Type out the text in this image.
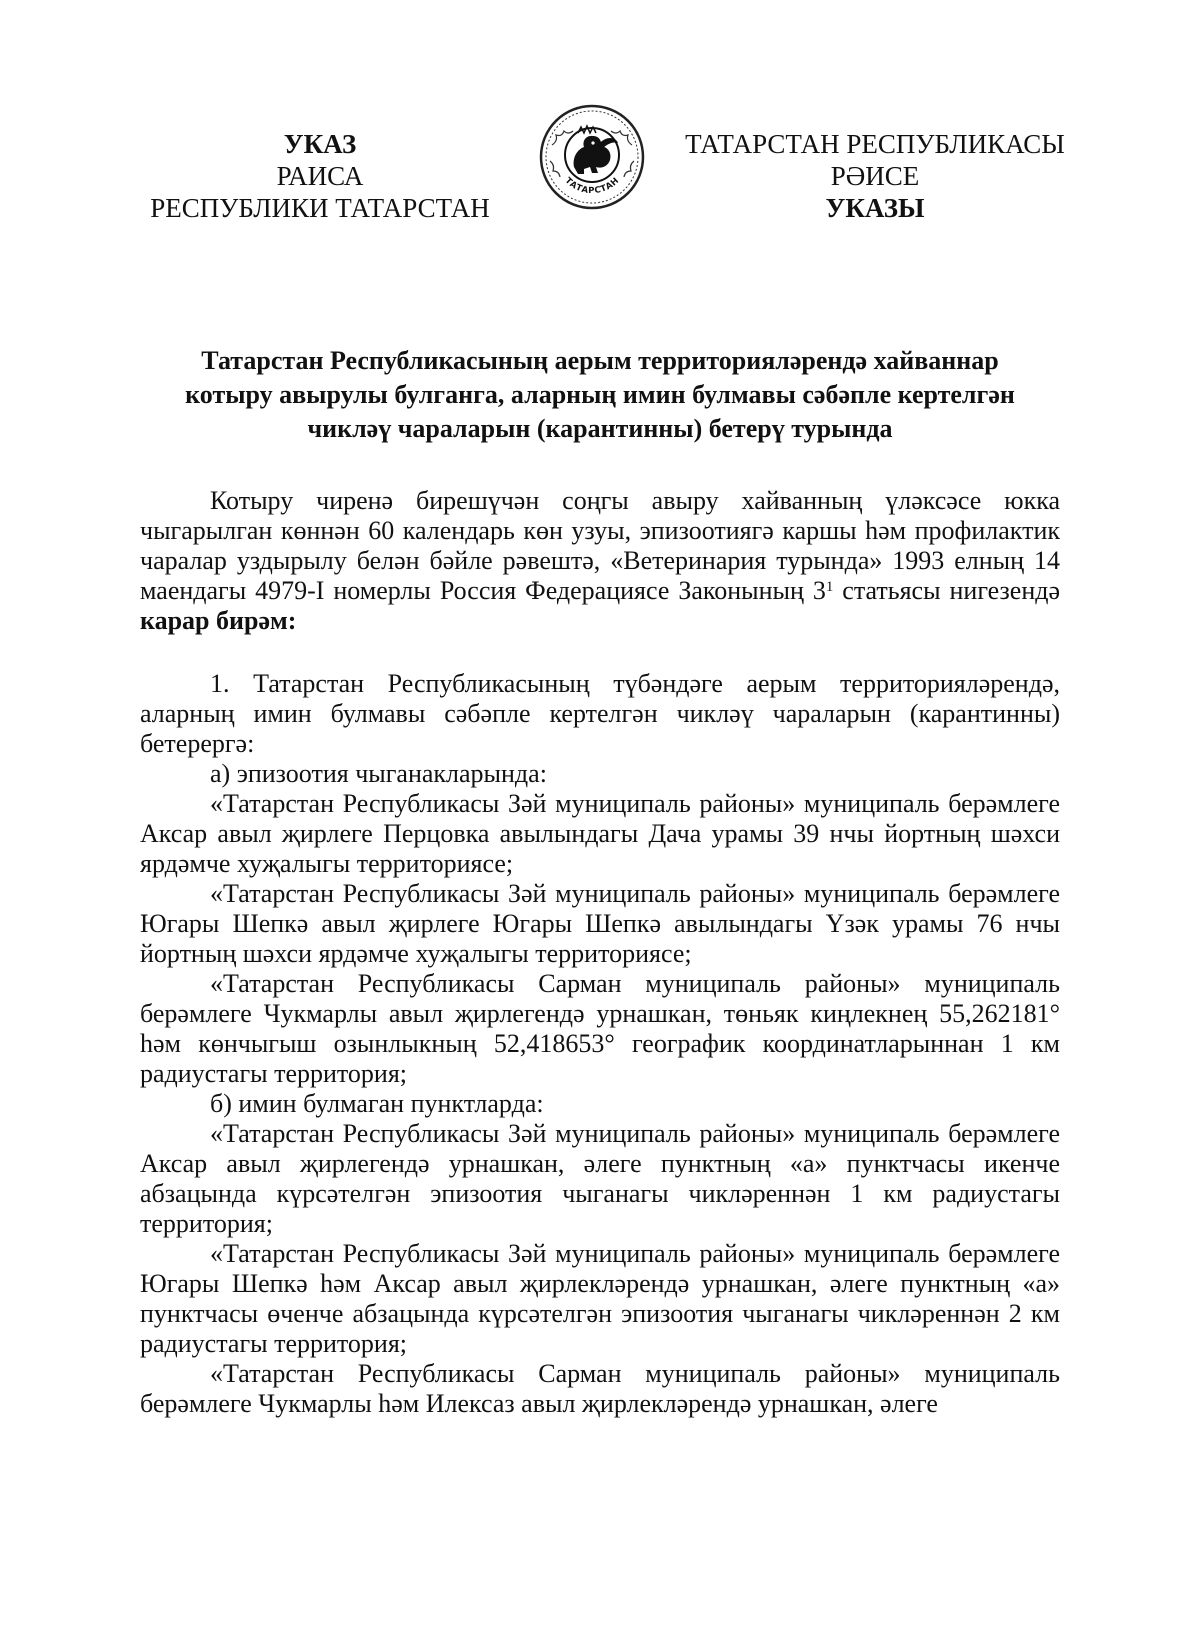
УКАЗ
РАИСА
РЕСПУБЛИКИ ТАТАРСТАН
ТАТАРСТАН
ТАТАРСТАН РЕСПУБЛИКАСЫ
РӘИСЕ
УКАЗЫ
Татарстан Республикасының аерым территорияләрендә хайваннар
котыру авырулы булганга, аларның имин булмавы сәбәпле кертелгән
чикләү чараларын (карантинны) бетерү турында

Котыру чиренә бирешүчән соңгы авыру хайванның үләксәсе юкка чыгарылган көннән 60 календарь көн узуы, эпизоотиягә каршы һәм профилактик чаралар уздырылу белән бәйле рәвештә, «Ветеринария турында» 1993 елның 14 маендагы 4979-I номерлы Россия Федерациясе Законының $3^1$ статьясы нигезендә карар бирәм:

1. Татарстан Республикасының түбәндәге аерым территорияләрендә, аларның имин булмавы сәбәпле кертелгән чикләү чараларын (карантинны) бетерергә:

а) эпизоотия чыганакларында:

«Татарстан Республикасы Зәй муниципаль районы» муниципаль берәмлеге Аксар авыл җирлеге Перцовка авылындагы Дача урамы 39 нчы йортның шәхси ярдәмче хуҗалыгы территориясе;

«Татарстан Республикасы Зәй муниципаль районы» муниципаль берәмлеге Югары Шепкә авыл җирлеге Югары Шепкә авылындагы Үзәк урамы 76 нчы йортның шәхси ярдәмче хуҗалыгы территориясе;

«Татарстан Республикасы Сарман муниципаль районы» муниципаль берәмлеге Чукмарлы авыл җирлегендә урнашкан, төньяк киңлекнең 55,262181° һәм көнчыгыш озынлыкның 52,418653° географик координатларыннан 1 км радиустагы территория;

б) имин булмаган пунктларда:

«Татарстан Республикасы Зәй муниципаль районы» муниципаль берәмлеге Аксар авыл җирлегендә урнашкан, әлеге пунктның «а» пунктчасы икенче абзацында күрсәтелгән эпизоотия чыганагы чикләреннән 1 км радиустагы территория;

«Татарстан Республикасы Зәй муниципаль районы» муниципаль берәмлеге Югары Шепкә һәм Аксар авыл җирлекләрендә урнашкан, әлеге пунктның «а» пунктчасы өченче абзацында күрсәтелгән эпизоотия чыганагы чикләреннән 2 км радиустагы территория;

«Татарстан Республикасы Сарман муниципаль районы» муниципаль берәмлеге Чукмарлы һәм Илексаз авыл җирлекләрендә урнашкан, әлеге
